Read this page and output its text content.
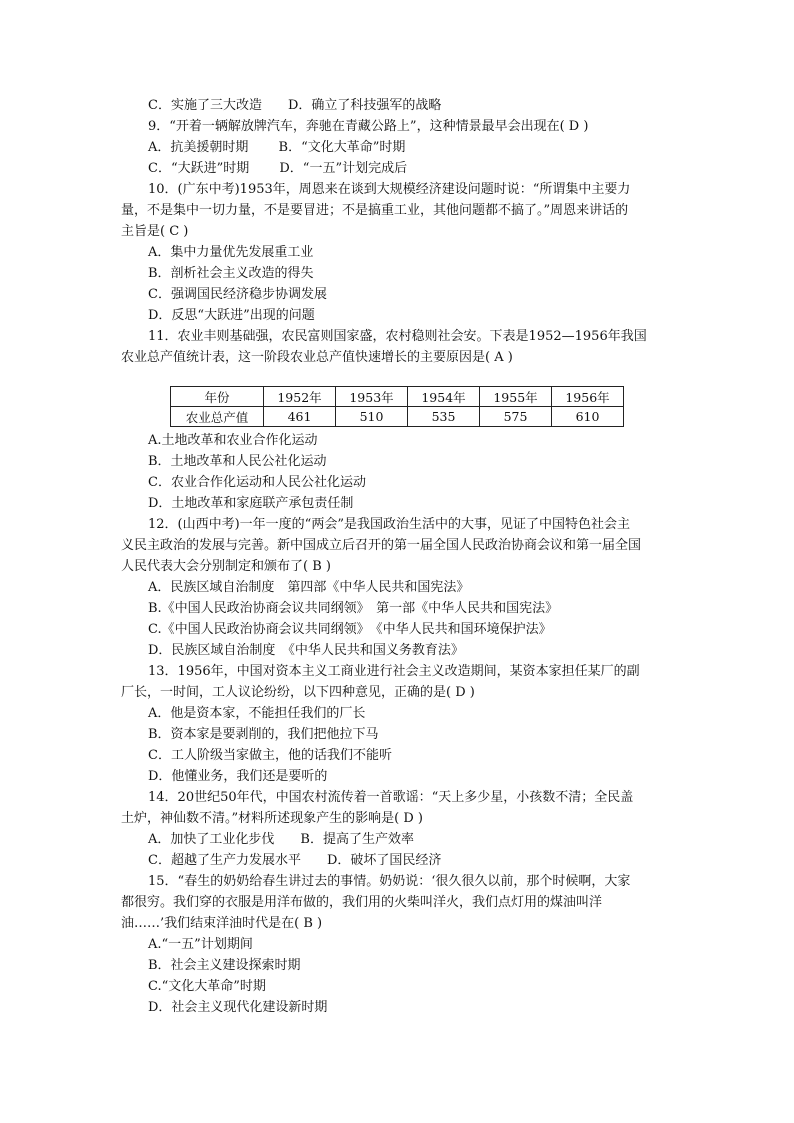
C．实施了三大改造　　D．确立了科技强军的战略
9．“开着一辆解放牌汽车，奔驰在青藏公路上”，这种情景最早会出现在( D )
A．抗美援朝时期　　 B．“文化大革命”时期
C．“大跃进”时期　　 D．“一五”计划完成后
10．(广东中考)1953年，周恩来在谈到大规模经济建设问题时说：“所谓集中主要力
量，不是集中一切力量，不是要冒进；不是搞重工业，其他问题都不搞了。”周恩来讲话的
主旨是( C )
A．集中力量优先发展重工业
B．剖析社会主义改造的得失
C．强调国民经济稳步协调发展
D．反思“大跃进”出现的问题
11．农业丰则基础强，农民富则国家盛，农村稳则社会安。下表是1952—1956年我国
农业总产值统计表，这一阶段农业总产值快速增长的主要原因是( A )
年份	1952年	1953年	1954年	1955年	1956年
农业总产值	461	510	535	575	610
A.土地改革和农业合作化运动
B．土地改革和人民公社化运动
C．农业合作化运动和人民公社化运动
D．土地改革和家庭联产承包责任制
12．(山西中考)一年一度的“两会”是我国政治生活中的大事，见证了中国特色社会主
义民主政治的发展与完善。新中国成立后召开的第一届全国人民政治协商会议和第一届全国
人民代表大会分别制定和颁布了( B )
A．民族区域自治制度　第四部《中华人民共和国宪法》
B.《中国人民政治协商会议共同纲领》　第一部《中华人民共和国宪法》
C.《中国人民政治协商会议共同纲领》　《中华人民共和国环境保护法》
D．民族区域自治制度　《中华人民共和国义务教育法》
13．1956年，中国对资本主义工商业进行社会主义改造期间，某资本家担任某厂的副
厂长，一时间，工人议论纷纷，以下四种意见，正确的是( D )
A．他是资本家，不能担任我们的厂长
B．资本家是要剥削的，我们把他拉下马
C．工人阶级当家做主，他的话我们不能听
D．他懂业务，我们还是要听的
14．20世纪50年代，中国农村流传着一首歌谣：“天上多少星，小孩数不清；全民盖
土炉，神仙数不清。”材料所述现象产生的影响是( D )
A．加快了工业化步伐　　B．提高了生产效率
C．超越了生产力发展水平　　D．破坏了国民经济
15．“春生的奶奶给春生讲过去的事情。奶奶说：‘很久很久以前，那个时候啊，大家
都很穷。我们穿的衣服是用洋布做的，我们用的火柴叫洋火，我们点灯用的煤油叫洋
油……’我们结束洋油时代是在( B )
A.“一五”计划期间
B．社会主义建设探索时期
C.“文化大革命”时期
D．社会主义现代化建设新时期
